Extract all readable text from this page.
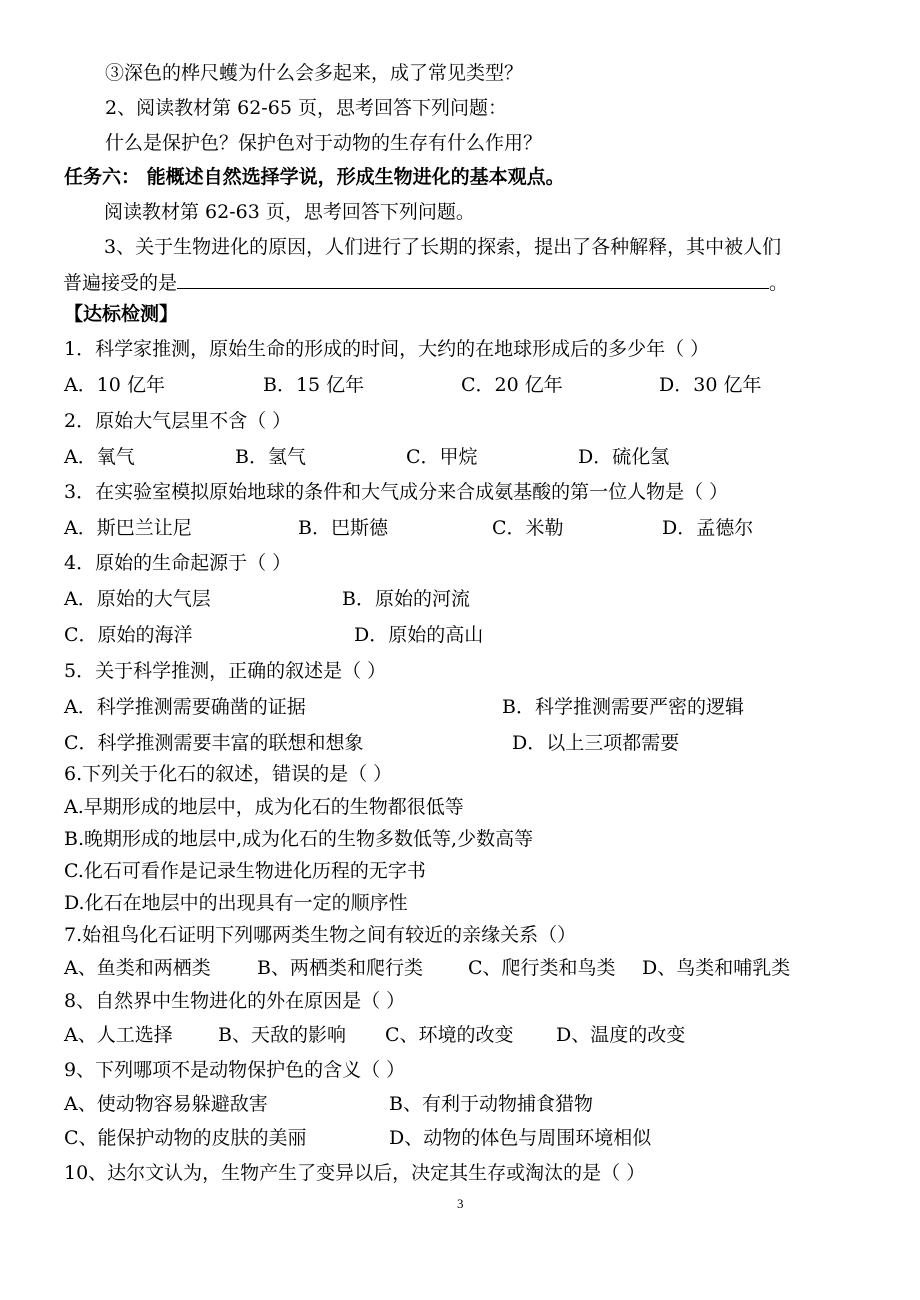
③深色的桦尺蠖为什么会多起来，成了常见类型？
2、阅读教材第 62-65 页，思考回答下列问题：
什么是保护色？保护色对于动物的生存有什么作用？
任务六： 能概述自然选择学说，形成生物进化的基本观点。
阅读教材第 62-63 页，思考回答下列问题。
3、关于生物进化的原因，人们进行了长期的探索，提出了各种解释，其中被人们
普遍接受的是	。
【达标检测】
1．科学家推测，原始生命的形成的时间，大约的在地球形成后的多少年（ ）
A．10 亿年	B．15 亿年	C．20 亿年	D．30 亿年
2．原始大气层里不含（ ）
A．氧气	B．氢气	C．甲烷	D．硫化氢
3．在实验室模拟原始地球的条件和大气成分来合成氨基酸的第一位人物是（ ）
A．斯巴兰让尼	B．巴斯德	C．米勒	D．孟德尔
4．原始的生命起源于（ ）
A．原始的大气层	B．原始的河流
C．原始的海洋	D．原始的高山
5．关于科学推测，正确的叙述是（ ）
A．科学推测需要确凿的证据	B．科学推测需要严密的逻辑
C．科学推测需要丰富的联想和想象	D．以上三项都需要
6.下列关于化石的叙述，错误的是（ ）
A.早期形成的地层中，成为化石的生物都很低等
B.晚期形成的地层中,成为化石的生物多数低等,少数高等
C.化石可看作是记录生物进化历程的无字书
D.化石在地层中的出现具有一定的顺序性
7.始祖鸟化石证明下列哪两类生物之间有较近的亲缘关系（）
A、鱼类和两栖类 B、两栖类和爬行类 C、爬行类和鸟类 D、鸟类和哺乳类
8、自然界中生物进化的外在原因是（ ）
A、人工选择 B、天敌的影响 C、环境的改变 D、温度的改变
9、下列哪项不是动物保护色的含义（ ）
A、使动物容易躲避敌害	B、有利于动物捕食猎物
C、能保护动物的皮肤的美丽	D、动物的体色与周围环境相似
10、达尔文认为，生物产生了变异以后，决定其生存或淘汰的是（ ）
3
